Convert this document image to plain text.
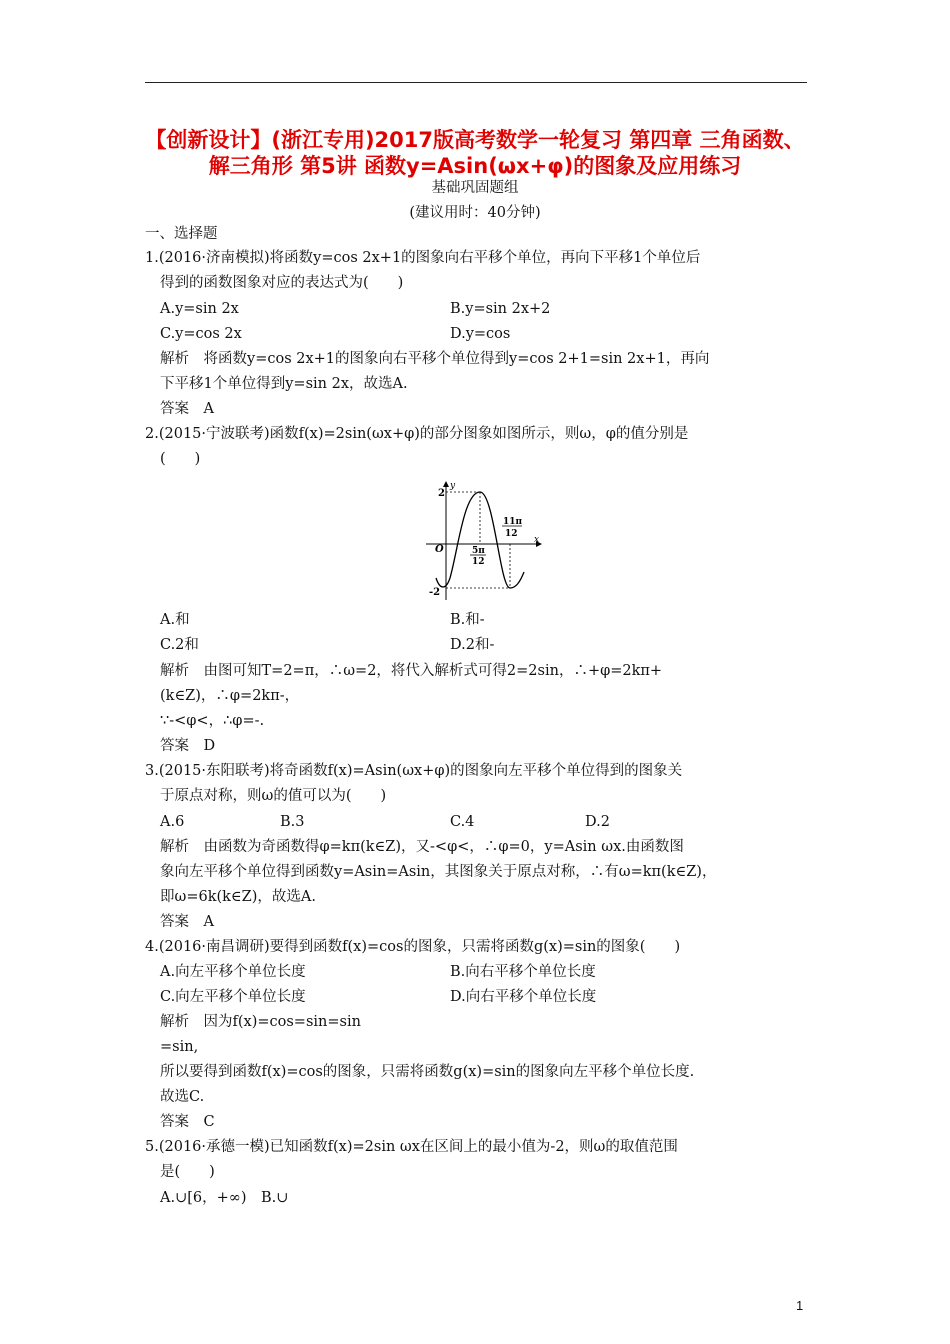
【创新设计】(浙江专用)2017版高考数学一轮复习 第四章 三角函数、
解三角形 第5讲 函数y=Asin(ωx+φ)的图象及应用练习
基础巩固题组
(建议用时：40分钟)
一、选择题
1.(2016·济南模拟)将函数y=cos 2x+1的图象向右平移个单位，再向下平移1个单位后
得到的函数图象对应的表达式为(　　)
A.y=sin 2x	B.y=sin 2x+2
C.y=cos 2x	D.y=cos
解析　将函数y=cos 2x+1的图象向右平移个单位得到y=cos 2+1=sin 2x+1，再向
下平移1个单位得到y=sin 2x，故选A.
答案　A
2.(2015·宁波联考)函数f(x)=2sin(ωx+φ)的部分图象如图所示，则ω，φ的值分别是
(　　)
2
-2
O
y
x
5π
12
11π
12
A.和	B.和-
C.2和	D.2和-
解析　由图可知T=2=π，∴ω=2，将代入解析式可得2=2sin，∴+φ=2kπ+
(k∈Z)，∴φ=2kπ-，
∵-<φ<，∴φ=-.
答案　D
3.(2015·东阳联考)将奇函数f(x)=Asin(ωx+φ)的图象向左平移个单位得到的图象关
于原点对称，则ω的值可以为(　　)
A.6	B.3	C.4	D.2
解析　由函数为奇函数得φ=kπ(k∈Z)，又-<φ<，∴φ=0，y=Asin ωx.由函数图
象向左平移个单位得到函数y=Asin=Asin，其图象关于原点对称，∴有ω=kπ(k∈Z)，
即ω=6k(k∈Z)，故选A.
答案　A
4.(2016·南昌调研)要得到函数f(x)=cos的图象，只需将函数g(x)=sin的图象(　　)
A.向左平移个单位长度	B.向右平移个单位长度
C.向左平移个单位长度	D.向右平移个单位长度
解析　因为f(x)=cos=sin=sin
=sin,
所以要得到函数f(x)=cos的图象，只需将函数g(x)=sin的图象向左平移个单位长度.
故选C.
答案　C
5.(2016·承德一模)已知函数f(x)=2sin ωx在区间上的最小值为-2，则ω的取值范围
是(　　)
A.∪[6，+∞)　B.∪
1
